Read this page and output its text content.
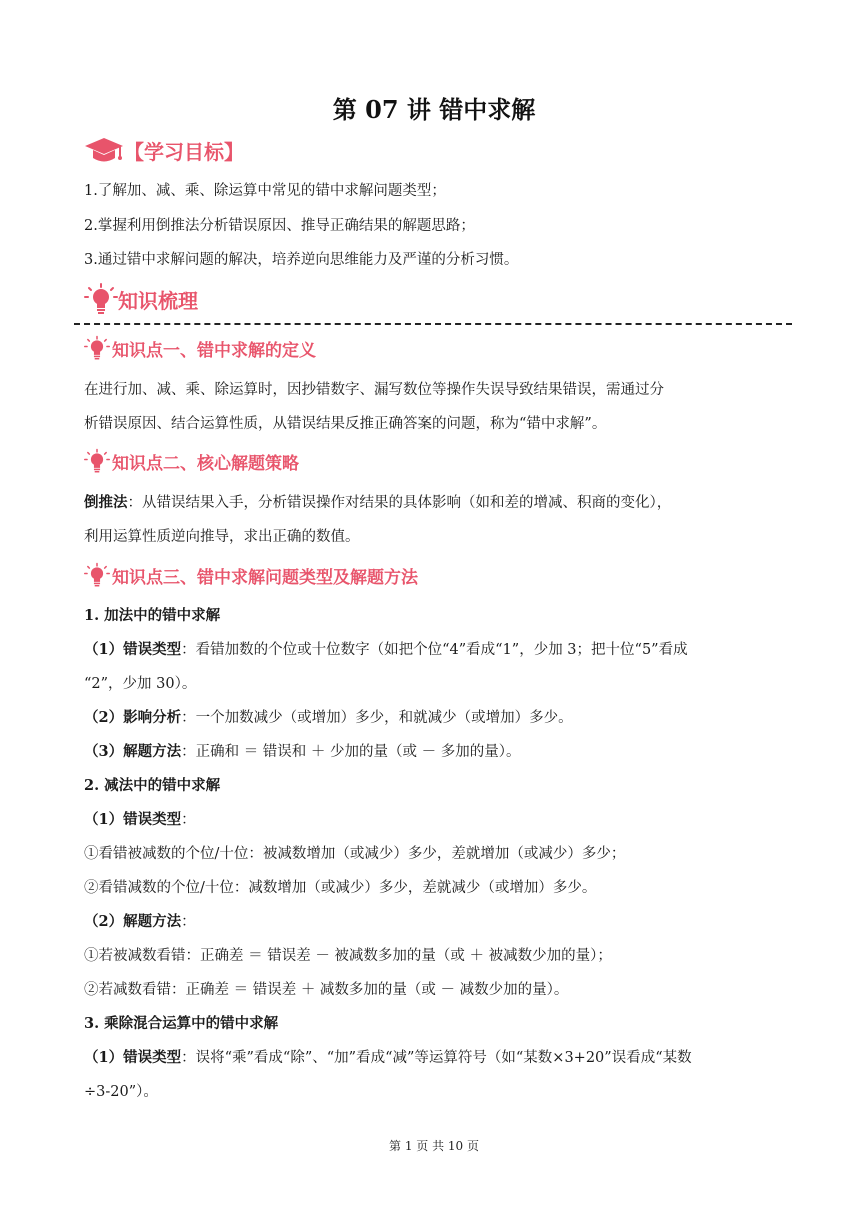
第 07 讲 错中求解
【学习目标】
1.了解加、减、乘、除运算中常见的错中求解问题类型；
2.掌握利用倒推法分析错误原因、推导正确结果的解题思路；
3.通过错中求解问题的解决，培养逆向思维能力及严谨的分析习惯。
知识梳理
知识点一、错中求解的定义
在进行加、减、乘、除运算时，因抄错数字、漏写数位等操作失误导致结果错误，需通过分
析错误原因、结合运算性质，从错误结果反推正确答案的问题，称为“错中求解”。
知识点二、核心解题策略
倒推法：从错误结果入手，分析错误操作对结果的具体影响（如和差的增减、积商的变化），
利用运算性质逆向推导，求出正确的数值。
知识点三、错中求解问题类型及解题方法
1. 加法中的错中求解
（1）错误类型：看错加数的个位或十位数字（如把个位“4”看成“1”，少加 3；把十位“5”看成
“2”，少加 30）。
（2）影响分析：一个加数减少（或增加）多少，和就减少（或增加）多少。
（3）解题方法：正确和 ＝ 错误和 ＋ 少加的量（或 － 多加的量）。
2. 减法中的错中求解
（1）错误类型：
①看错被减数的个位/十位：被减数增加（或减少）多少，差就增加（或减少）多少；
②看错减数的个位/十位：减数增加（或减少）多少，差就减少（或增加）多少。
（2）解题方法：
①若被减数看错：正确差 ＝ 错误差 － 被减数多加的量（或 ＋ 被减数少加的量）；
②若减数看错：正确差 ＝ 错误差 ＋ 减数多加的量（或 － 减数少加的量）。
3. 乘除混合运算中的错中求解
（1）错误类型：误将“乘”看成“除”、“加”看成“减”等运算符号（如“某数×3+20”误看成“某数
÷3-20”）。
第 1 页 共 10 页
